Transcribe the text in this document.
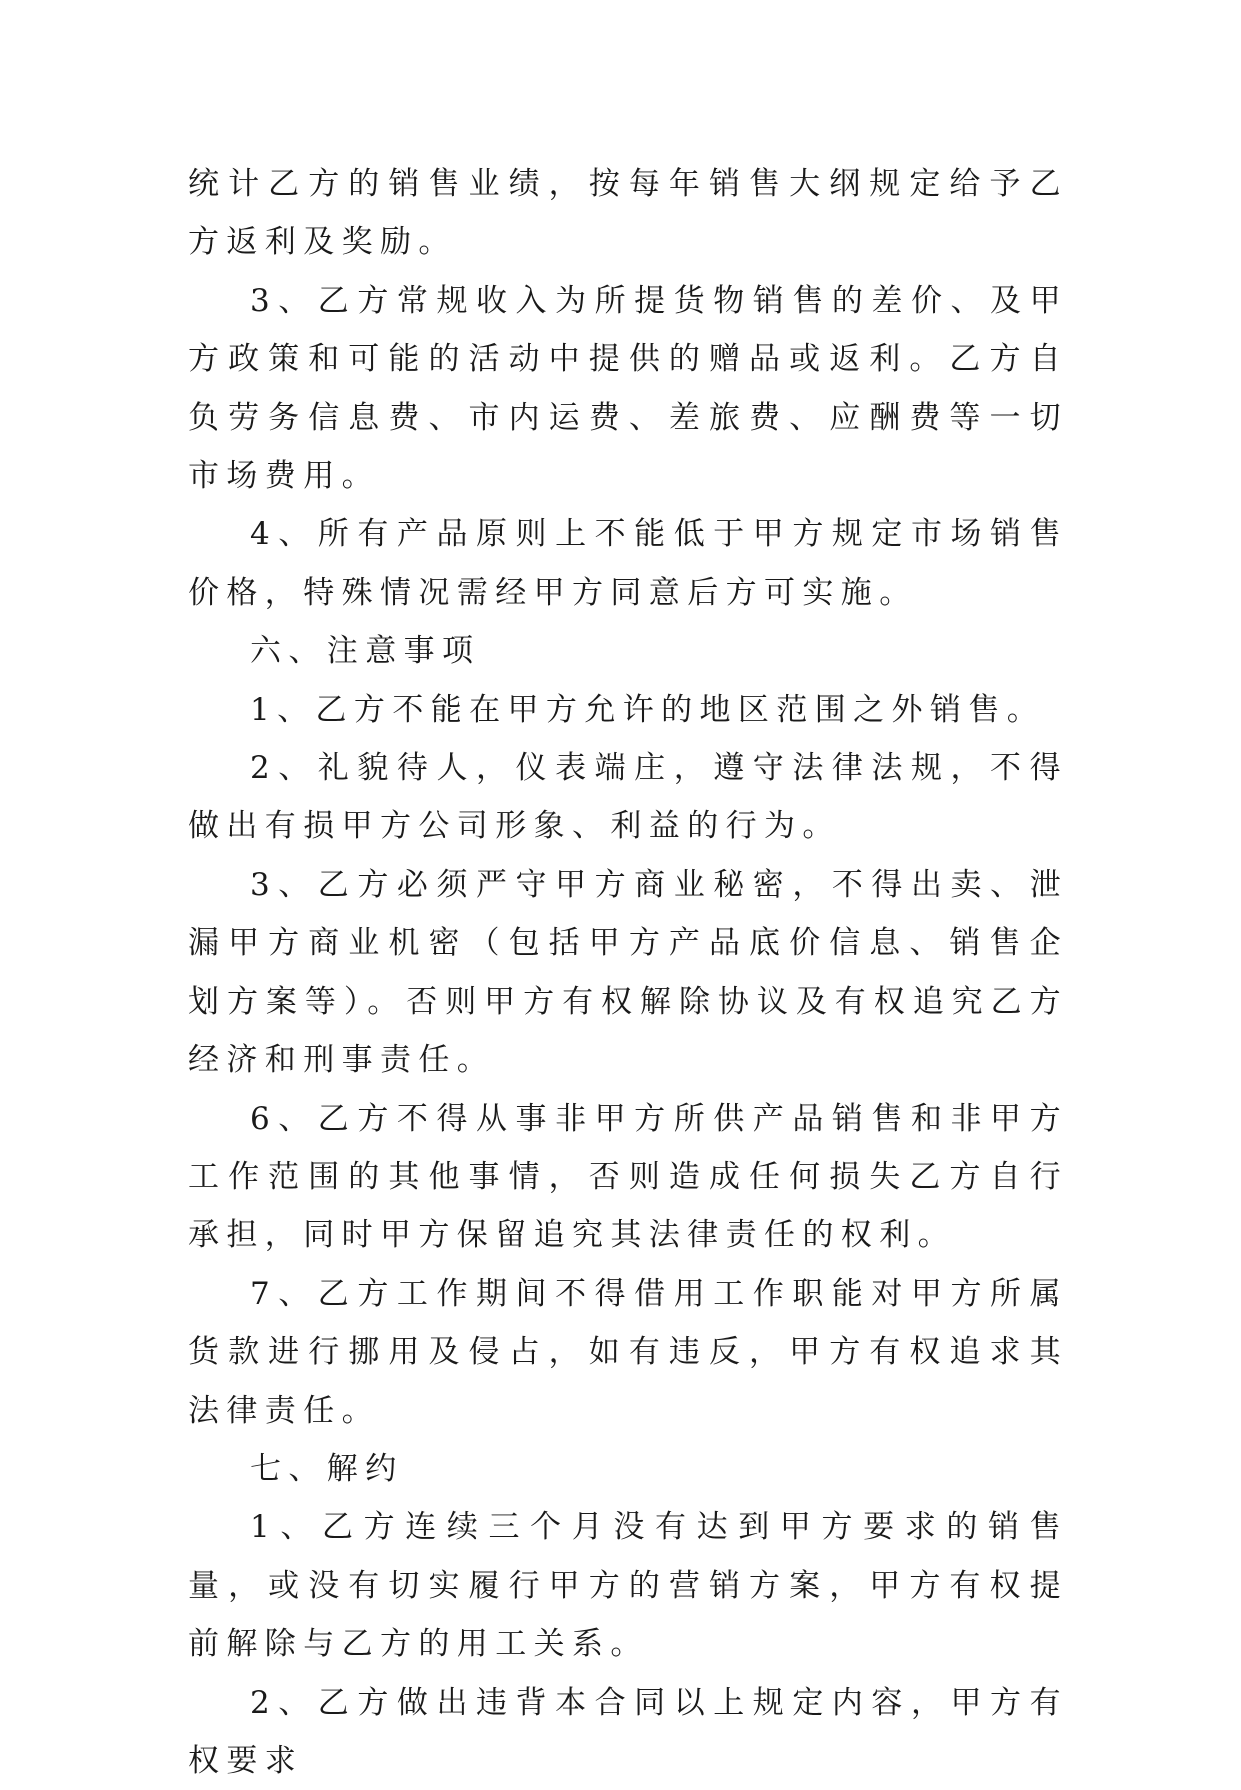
统计乙方的销售业绩，按每年销售大纲规定给予乙方返利及奖励。

3、乙方常规收入为所提货物销售的差价、及甲方政策和可能的活动中提供的赠品或返利。乙方自负劳务信息费、市内运费、差旅费、应酬费等一切市场费用。

4、所有产品原则上不能低于甲方规定市场销售价格，特殊情况需经甲方同意后方可实施。

六、注意事项

1、乙方不能在甲方允许的地区范围之外销售。

2、礼貌待人，仪表端庄，遵守法律法规，不得做出有损甲方公司形象、利益的行为。

3、乙方必须严守甲方商业秘密，不得出卖、泄漏甲方商业机密（包括甲方产品底价信息、销售企划方案等）。否则甲方有权解除协议及有权追究乙方经济和刑事责任。

6、乙方不得从事非甲方所供产品销售和非甲方工作范围的其他事情，否则造成任何损失乙方自行承担，同时甲方保留追究其法律责任的权利。

7、乙方工作期间不得借用工作职能对甲方所属货款进行挪用及侵占，如有违反，甲方有权追求其法律责任。

七、解约

1、乙方连续三个月没有达到甲方要求的销售量，或没有切实履行甲方的营销方案，甲方有权提前解除与乙方的用工关系。

2、乙方做出违背本合同以上规定内容，甲方有权要求
